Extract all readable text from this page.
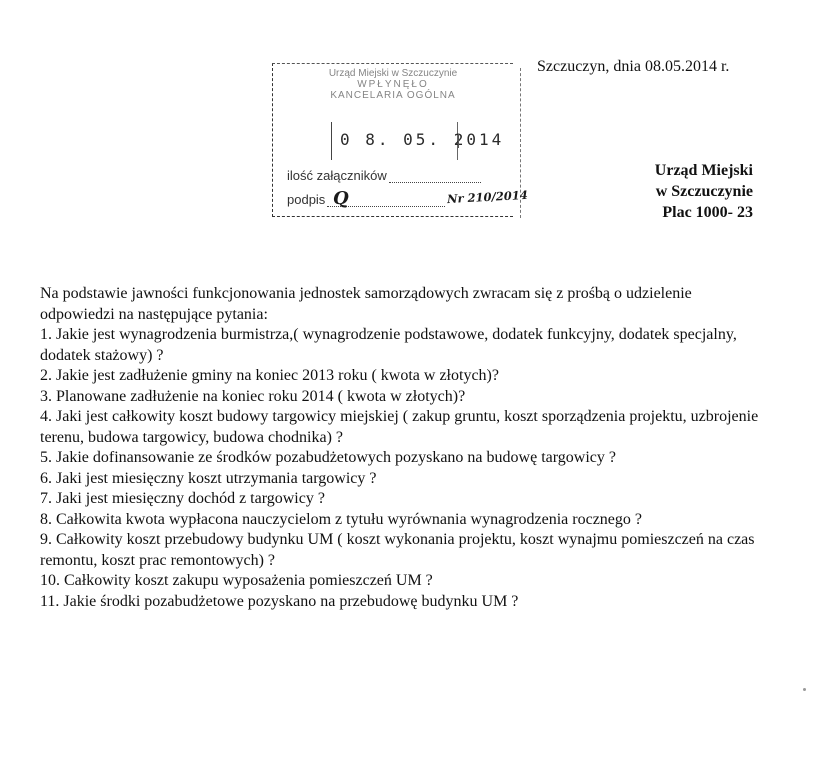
Szczuczyn, dnia 08.05.2014 r.
Urząd Miejski w Szczuczynie
WPŁYNĘŁO
KANCELARIA OGÓLNA
0 8. 05. 2014
ilość załączników
podpis Q	Nr 210/2014
Urząd Miejski
w Szczuczynie
Plac 1000- 23

Na podstawie jawności funkcjonowania jednostek samorządowych zwracam się z prośbą o udzielenie odpowiedzi na następujące pytania:

1. Jakie jest wynagrodzenia burmistrza,( wynagrodzenie podstawowe, dodatek funkcyjny, dodatek specjalny, dodatek stażowy) ?

2. Jakie jest zadłużenie gminy na koniec 2013 roku ( kwota w złotych)?

3. Planowane zadłużenie na koniec roku 2014 ( kwota w złotych)?

4. Jaki jest całkowity koszt budowy targowicy miejskiej ( zakup gruntu, koszt sporządzenia projektu, uzbrojenie terenu, budowa targowicy, budowa chodnika) ?

5. Jakie dofinansowanie ze środków pozabudżetowych pozyskano na budowę targowicy ?

6. Jaki jest miesięczny koszt utrzymania targowicy ?

7. Jaki jest miesięczny dochód z targowicy ?

8. Całkowita kwota wypłacona nauczycielom z tytułu wyrównania wynagrodzenia rocznego ?

9. Całkowity koszt przebudowy budynku UM ( koszt wykonania projektu, koszt wynajmu pomieszczeń na czas remontu, koszt prac remontowych) ?

10. Całkowity koszt zakupu wyposażenia pomieszczeń UM ?

11. Jakie środki pozabudżetowe pozyskano na przebudowę budynku UM ?
